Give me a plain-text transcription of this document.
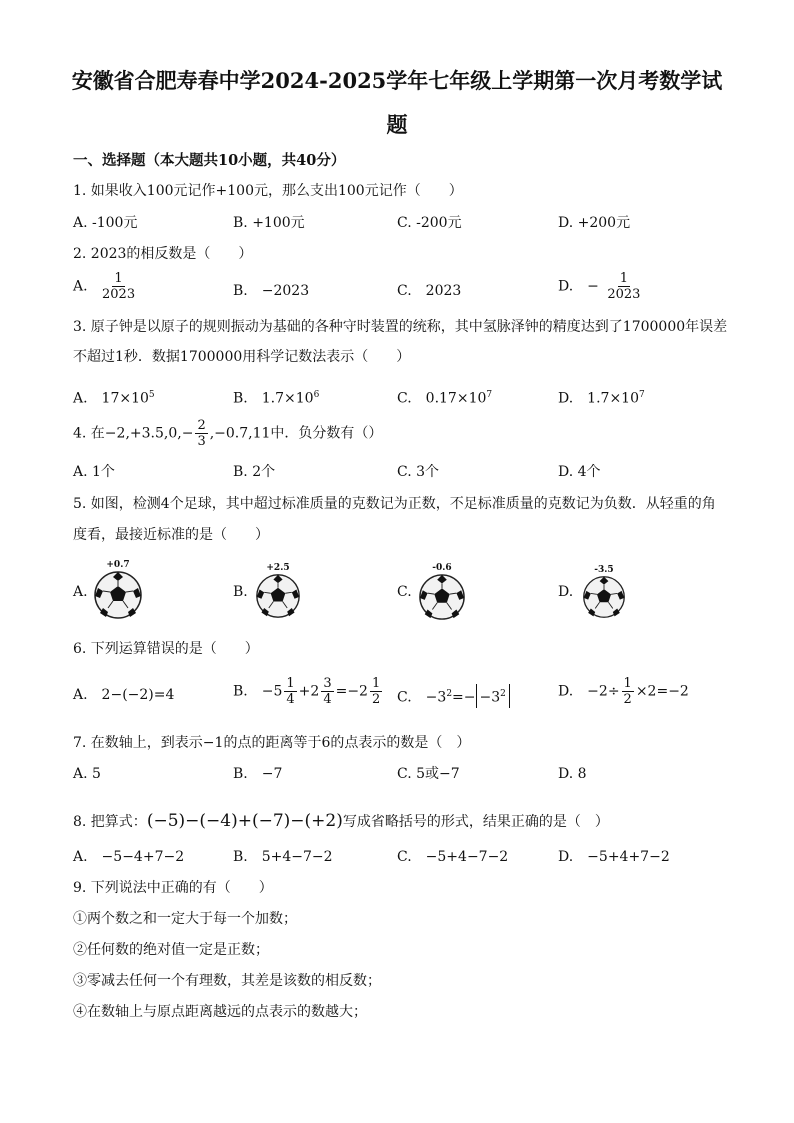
安徽省合肥寿春中学2024-2025学年七年级上学期第一次月考数学试
题
一、选择题（本大题共10小题，共40分）
1. 如果收入100元记作+100元，那么支出100元记作（　　）
A. -100元	B. +100元	C. -200元	D. +200元
2. 2023的相反数是（　　）
A. $\frac{1}{2023}$	B.　−2023	C.　2023	D.　− $\frac{1}{2023}$
3. 原子钟是以原子的规则振动为基础的各种守时装置的统称，其中氢脉泽钟的精度达到了1700000年误差
不超过1秒．数据1700000用科学记数法表示（　　）
A.　$17\times 10^5$	B.　$1.7\times 10^6$	C.　$0.17\times 10^7$	D.　$1.7\times 10^7$
4. 在$-2,+3.5,0,- \frac{2}{3} ,-0.7,11$中．负分数有（）
A. 1个	B. 2个	C. 3个	D. 4个
5. 如图，检测4个足球，其中超过标准质量的克数记为正数，不足标准质量的克数记为负数．从轻重的角
度看，最接近标准的是（　　）
A.
+0.7
B.
+2.5
C.
-0.6
D.
-3.5
6. 下列运算错误的是（　　）
A.　2−(−2)=4	B.　$-5 \frac{1}{4} +2 \frac{3}{4} =-2 \frac{1}{2} C$.　$-3^2=- -3^2$	D.　$-2\div \frac{1}{2} \times 2=-2$
7. 在数轴上，到表示−1的点的距离等于6的点表示的数是（　）
A. 5	B.　−7	C. 5或−7	D. 8
8. 把算式：(−5)−(−4)+(−7)−(+2)写成省略括号的形式，结果正确的是（　）
A.　−5−4+7−2	B.　5+4−7−2	C.　−5+4−7−2	D.　−5+4+7−2
9. 下列说法中正确的有（　　）
①两个数之和一定大于每一个加数；
②任何数的绝对值一定是正数；
③零减去任何一个有理数，其差是该数的相反数；
④在数轴上与原点距离越远的点表示的数越大；
